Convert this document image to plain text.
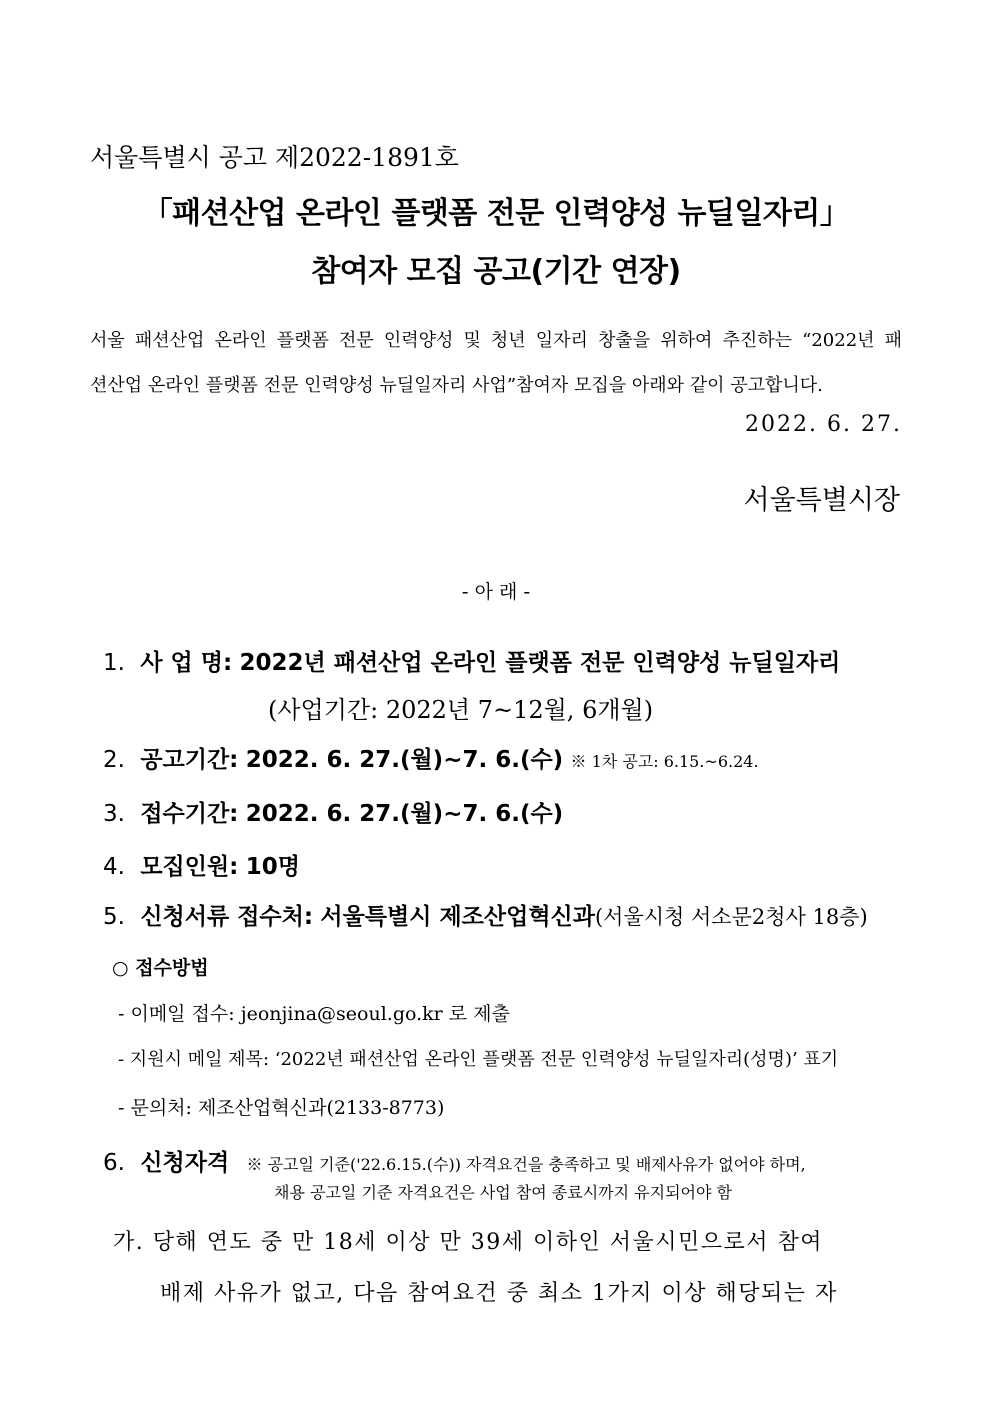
서울특별시 공고 제2022-1891호
「패션산업 온라인 플랫폼 전문 인력양성 뉴딜일자리」
참여자 모집 공고(기간 연장)
서울 패션산업 온라인 플랫폼 전문 인력양성 및 청년 일자리 창출을 위하여 추진하는 “2022년 패
션산업 온라인 플랫폼 전문 인력양성 뉴딜일자리 사업”참여자 모집을 아래와 같이 공고합니다.
2022. 6. 27.
서울특별시장
- 아 래 -
1. 사 업 명: 2022년 패션산업 온라인 플랫폼 전문 인력양성 뉴딜일자리
(사업기간: 2022년 7~12월, 6개월)
2. 공고기간: 2022. 6. 27.(월)~7. 6.(수) ※ 1차 공고: 6.15.~6.24.
3. 접수기간: 2022. 6. 27.(월)~7. 6.(수)
4. 모집인원: 10명
5. 신청서류 접수처: 서울특별시 제조산업혁신과(서울시청 서소문2청사 18층)
○ 접수방법
- 이메일 접수: jeonjina@seoul.go.kr 로 제출
- 지원시 메일 제목: ‘2022년 패션산업 온라인 플랫폼 전문 인력양성 뉴딜일자리(성명)’ 표기
- 문의처: 제조산업혁신과(2133-8773)
6. 신청자격 ※ 공고일 기준('22.6.15.(수)) 자격요건을 충족하고 및 배제사유가 없어야 하며,
채용 공고일 기준 자격요건은 사업 참여 종료시까지 유지되어야 함
가. 당해 연도 중 만 18세 이상 만 39세 이하인 서울시민으로서 참여
배제 사유가 없고, 다음 참여요건 중 최소 1가지 이상 해당되는 자
